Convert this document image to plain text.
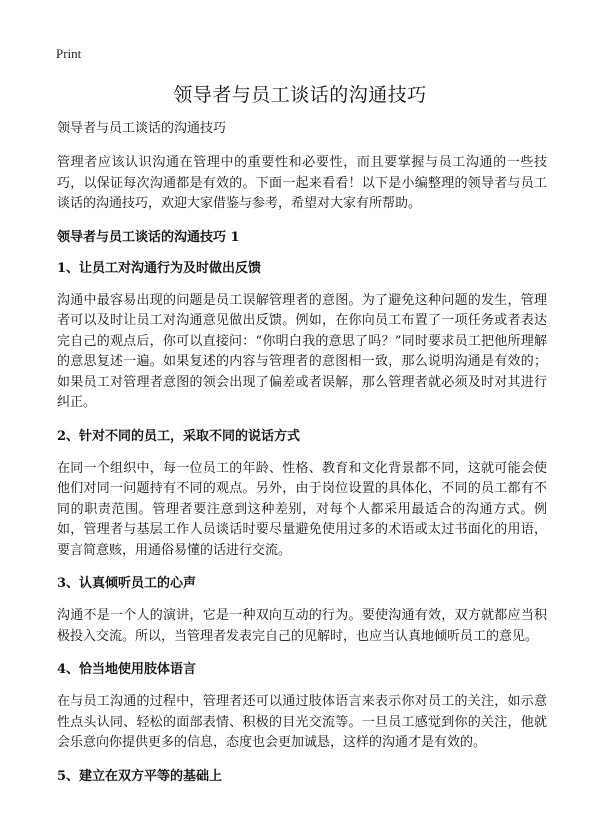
Print
领导者与员工谈话的沟通技巧
领导者与员工谈话的沟通技巧

管理者应该认识沟通在管理中的重要性和必要性，而且要掌握与员工沟通的一些技巧，以保证每次沟通都是有效的。下面一起来看看！以下是小编整理的领导者与员工谈话的沟通技巧，欢迎大家借鉴与参考，希望对大家有所帮助。

领导者与员工谈话的沟通技巧 1
1、让员工对沟通行为及时做出反馈

沟通中最容易出现的问题是员工误解管理者的意图。为了避免这种问题的发生，管理者可以及时让员工对沟通意见做出反馈。例如，在你向员工布置了一项任务或者表达完自己的观点后，你可以直接问：“你明白我的意思了吗？”同时要求员工把他所理解的意思复述一遍。如果复述的内容与管理者的意图相一致，那么说明沟通是有效的；如果员工对管理者意图的领会出现了偏差或者误解，那么管理者就必须及时对其进行纠正。

2、针对不同的员工，采取不同的说话方式

在同一个组织中，每一位员工的年龄、性格、教育和文化背景都不同，这就可能会使他们对同一问题持有不同的观点。另外，由于岗位设置的具体化，不同的员工都有不同的职责范围。管理者要注意到这种差别，对每个人都采用最适合的沟通方式。例如，管理者与基层工作人员谈话时要尽量避免使用过多的术语或太过书面化的用语，要言简意赅，用通俗易懂的话进行交流。

3、认真倾听员工的心声

沟通不是一个人的演讲，它是一种双向互动的行为。要使沟通有效，双方就都应当积极投入交流。所以，当管理者发表完自己的见解时，也应当认真地倾听员工的意见。

4、恰当地使用肢体语言

在与员工沟通的过程中，管理者还可以通过肢体语言来表示你对员工的关注，如示意性点头认同、轻松的面部表情、积极的目光交流等。一旦员工感觉到你的关注，他就会乐意向你提供更多的信息，态度也会更加诚恳，这样的沟通才是有效的。

5、建立在双方平等的基础上
